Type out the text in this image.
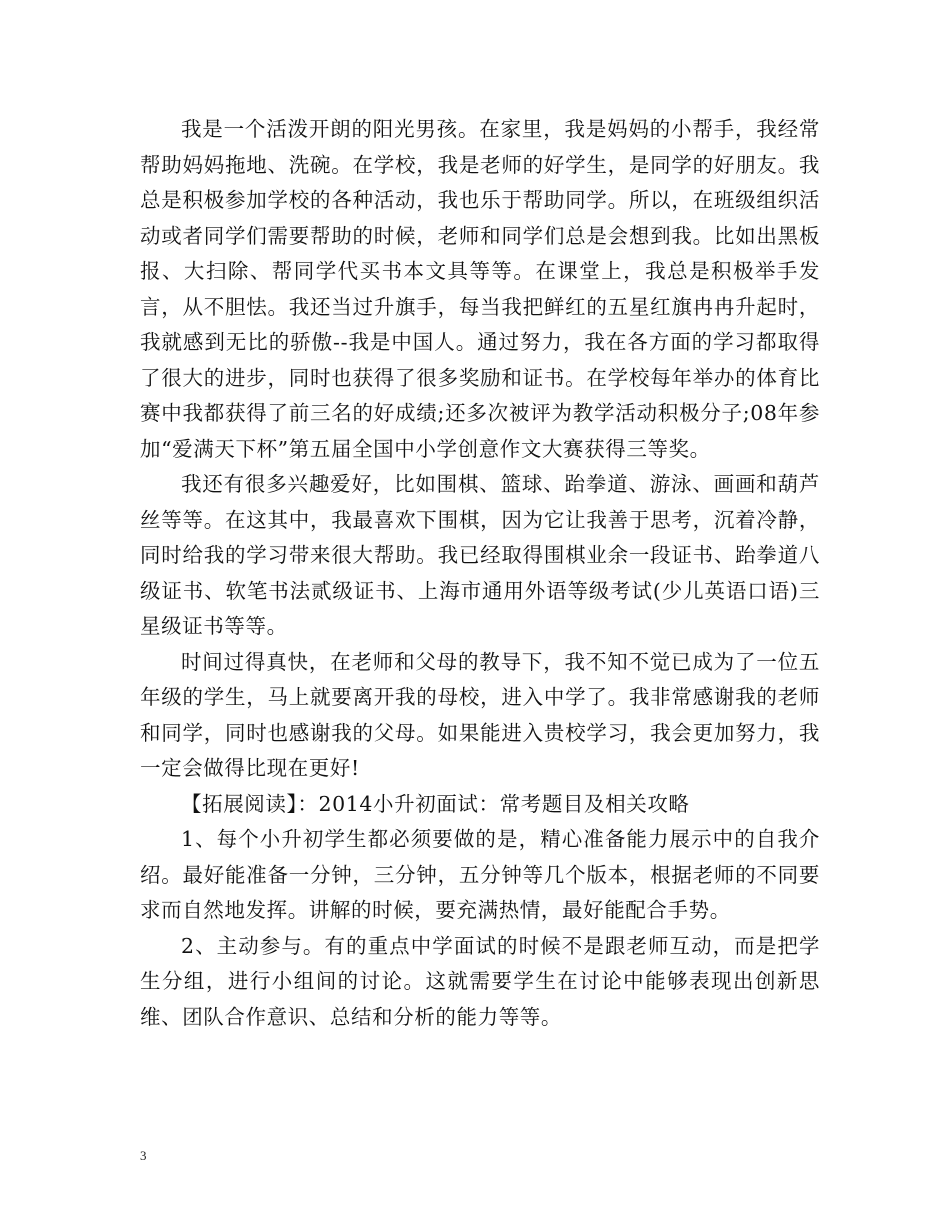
我是一个活泼开朗的阳光男孩。在家里，我是妈妈的小帮手，我经常帮助妈妈拖地、洗碗。在学校，我是老师的好学生，是同学的好朋友。我总是积极参加学校的各种活动，我也乐于帮助同学。所以，在班级组织活动或者同学们需要帮助的时候，老师和同学们总是会想到我。比如出黑板报、大扫除、帮同学代买书本文具等等。在课堂上，我总是积极举手发言，从不胆怯。我还当过升旗手，每当我把鲜红的五星红旗冉冉升起时，我就感到无比的骄傲--我是中国人。通过努力，我在各方面的学习都取得了很大的进步，同时也获得了很多奖励和证书。在学校每年举办的体育比赛中我都获得了前三名的好成绩;还多次被评为教学活动积极分子;08年参加“爱满天下杯”第五届全国中小学创意作文大赛获得三等奖。

我还有很多兴趣爱好，比如围棋、篮球、跆拳道、游泳、画画和葫芦丝等等。在这其中，我最喜欢下围棋，因为它让我善于思考，沉着冷静，同时给我的学习带来很大帮助。我已经取得围棋业余一段证书、跆拳道八级证书、软笔书法贰级证书、上海市通用外语等级考试(少儿英语口语)三星级证书等等。

时间过得真快，在老师和父母的教导下，我不知不觉已成为了一位五年级的学生，马上就要离开我的母校，进入中学了。我非常感谢我的老师和同学，同时也感谢我的父母。如果能进入贵校学习，我会更加努力，我一定会做得比现在更好!

【拓展阅读】：2014小升初面试：常考题目及相关攻略

1、每个小升初学生都必须要做的是，精心准备能力展示中的自我介绍。最好能准备一分钟，三分钟，五分钟等几个版本，根据老师的不同要求而自然地发挥。讲解的时候，要充满热情，最好能配合手势。

2、主动参与。有的重点中学面试的时候不是跟老师互动，而是把学生分组，进行小组间的讨论。这就需要学生在讨论中能够表现出创新思维、团队合作意识、总结和分析的能力等等。

3
